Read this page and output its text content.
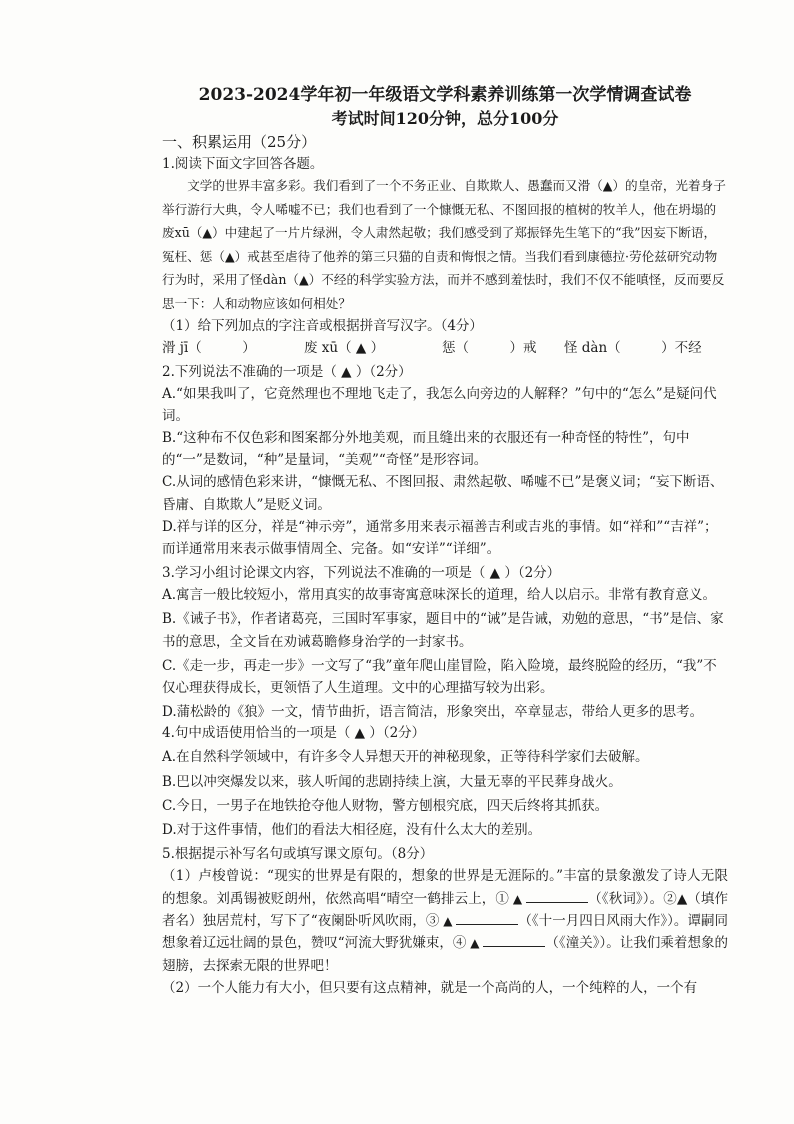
2023-2024学年初一年级语文学科素养训练第一次学情调查试卷

考试时间120分钟，总分100分

一、积累运用（25分）

1.阅读下面文字回答各题。

文学的世界丰富多彩。我们看到了一个不务正业、自欺欺人、愚蠢而又滑（▲）的皇帝，光着身子举行游行大典，令人唏嘘不已；我们也看到了一个慷慨无私、不图回报的植树的牧羊人，他在坍塌的废xū（▲）中建起了一片片绿洲，令人肃然起敬；我们感受到了郑振铎先生笔下的“我”因妄下断语，冤枉、惩（▲）戒甚至虐待了他养的第三只猫的自责和悔恨之情。当我们看到康德拉·劳伦兹研究动物行为时，采用了怪dàn（▲）不经的科学实验方法，而并不感到羞怯时，我们不仅不能嗔怪，反而要反思一下：人和动物应该如何相处？

（1）给下列加点的字注音或根据拼音写汉字。（4分）

滑 jī（　　　）	废 xū（ ▲ ）	惩（　　　）戒 怪 dàn（　　　）不经

2.下列说法不准确的一项是（ ▲ ）（2分）

A.“如果我叫了，它竟然理也不理地飞走了，我怎么向旁边的人解释？”句中的“怎么”是疑问代词。

B.“这种布不仅色彩和图案都分外地美观，而且缝出来的衣服还有一种奇怪的特性”，句中的“一”是数词，“种”是量词，“美观”“奇怪”是形容词。

C.从词的感情色彩来讲，“慷慨无私、不图回报、肃然起敬、唏嘘不已”是褒义词；“妄下断语、昏庸、自欺欺人”是贬义词。

D.祥与详的区分，祥是“神示旁”，通常多用来表示福善吉利或吉兆的事情。如“祥和”“吉祥”；而详通常用来表示做事情周全、完备。如“安详”“详细”。

3.学习小组讨论课文内容，下列说法不准确的一项是（ ▲ ）（2分）

A.寓言一般比较短小，常用真实的故事寄寓意味深长的道理，给人以启示。非常有教育意义。

B.《诫子书》，作者诸葛亮，三国时军事家，题目中的“诫”是告诫，劝勉的意思，“书”是信、家书的意思，全文旨在劝诫葛瞻修身治学的一封家书。

C.《走一步，再走一步》一文写了“我”童年爬山崖冒险，陷入险境，最终脱险的经历，“我”不仅心理获得成长，更领悟了人生道理。文中的心理描写较为出彩。

D.蒲松龄的《狼》一文，情节曲折，语言简洁，形象突出，卒章显志，带给人更多的思考。

4.句中成语使用恰当的一项是（ ▲ ）（2分）

A.在自然科学领域中，有许多令人异想天开的神秘现象，正等待科学家们去破解。

B.巴以冲突爆发以来，骇人听闻的悲剧持续上演，大量无辜的平民葬身战火。

C.今日，一男子在地铁抢夺他人财物，警方刨根究底，四天后终将其抓获。

D.对于这件事情，他们的看法大相径庭，没有什么太大的差别。

5.根据提示补写名句或填写课文原句。（8分）

（1）卢梭曾说：“现实的世界是有限的，想象的世界是无涯际的。”丰富的景象激发了诗人无限的想象。刘禹锡被贬朗州，依然高唱“晴空一鹤排云上，① ▲	（《秋词》）。②▲（填作者名）独居荒村，写下了“夜阑卧听风吹雨，③ ▲	（《十一月四日风雨大作》）。谭嗣同想象着辽远壮阔的景色，赞叹“河流大野犹嫌束，④ ▲	（《潼关》）。让我们乘着想象的翅膀，去探索无限的世界吧！

（2）一个人能力有大小，但只要有这点精神，就是一个高尚的人，一个纯粹的人，一个有
